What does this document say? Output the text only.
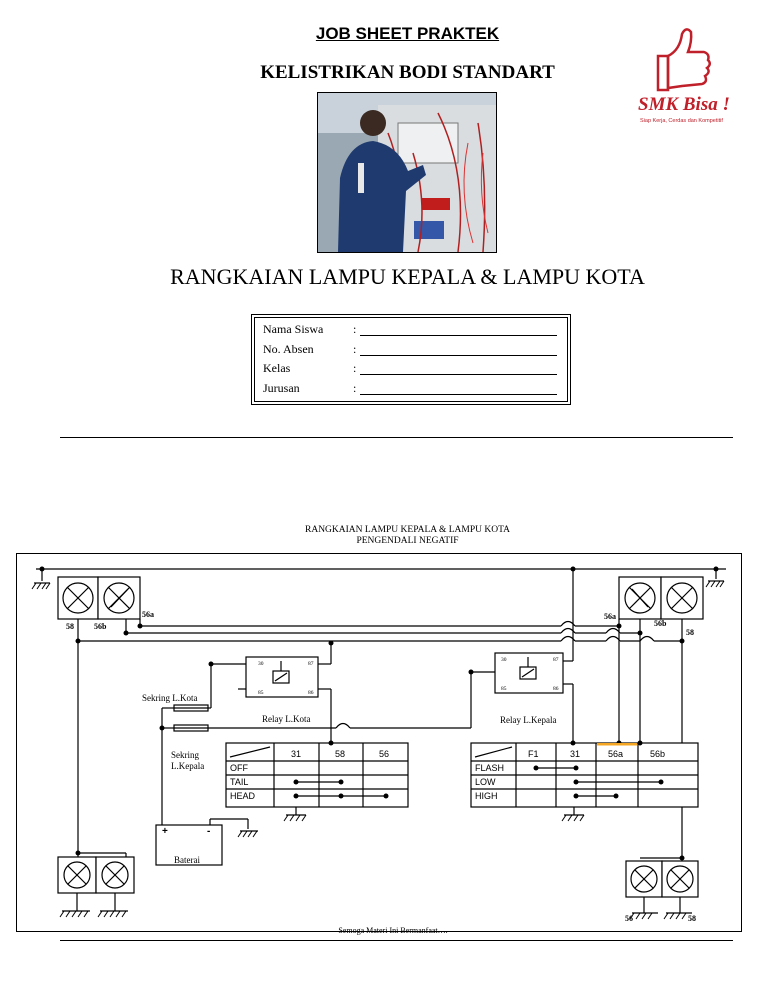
JOB SHEET PRAKTEK
KELISTRIKAN BODI STANDART
SMK Bisa !
Siap Kerja, Cerdas dan Kompetitif
RANGKAIAN LAMPU KEPALA & LAMPU KOTA
Nama Siswa	:
No. Absen	:
Kelas	:
Jurusan	:
RANGKAIAN LAMPU KEPALA & LAMPU KOTA
PENGENDALI NEGATIF
58	56b
56a	56a
56b
58
56	58
30	87
85	86
30	87
85	86
Sekring L.Kota
Sekring
L.Kepala
Relay L.Kota	Relay L.Kepala
Baterai
+	-
31	58	56
OFF
TAIL
HEAD
F1	31	56a	56b
FLASH
LOW
HIGH
Semoga Materi Ini Bermanfaat….
